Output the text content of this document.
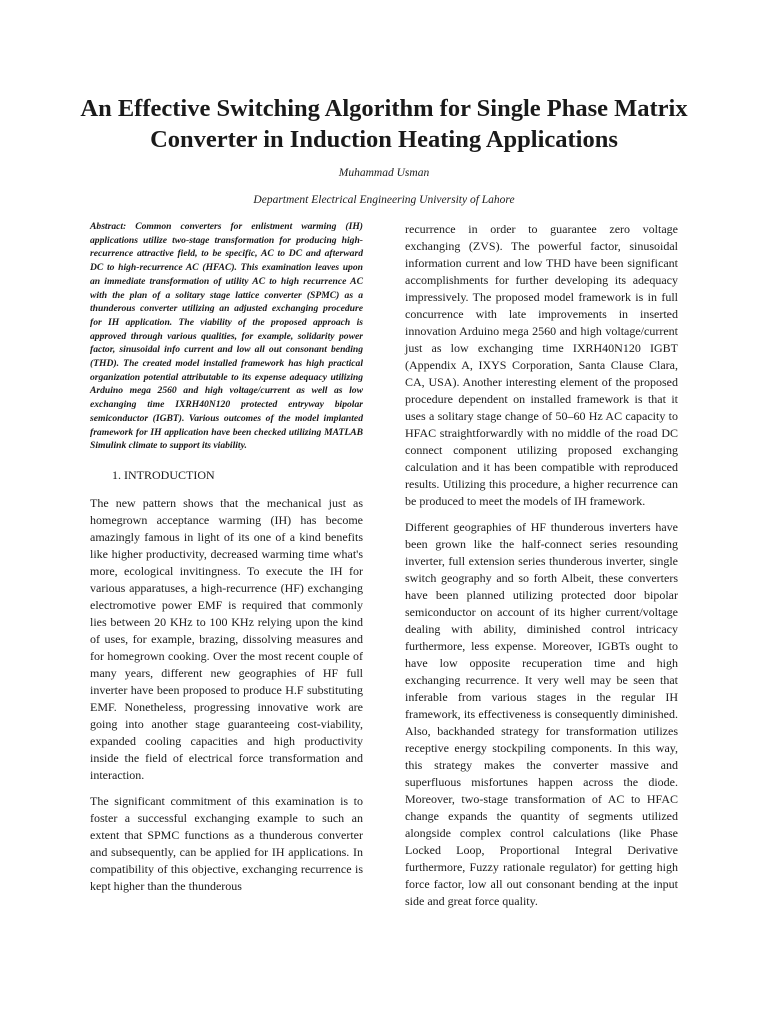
An Effective Switching Algorithm for Single Phase Matrix Converter in Induction Heating Applications
Muhammad Usman
Department Electrical Engineering University of Lahore

Abstract: Common converters for enlistment warming (IH) applications utilize two-stage transformation for producing high-recurrence attractive field, to be specific, AC to DC and afterward DC to high-recurrence AC (HFAC). This examination leaves upon an immediate transformation of utility AC to high recurrence AC with the plan of a solitary stage lattice converter (SPMC) as a thunderous converter utilizing an adjusted exchanging procedure for IH application. The viability of the proposed approach is approved through various qualities, for example, solidarity power factor, sinusoidal info current and low all out consonant bending (THD). The created model installed framework has high practical organization potential attributable to its expense adequacy utilizing Arduino mega 2560 and high voltage/current as well as low exchanging time IXRH40N120 protected entryway bipolar semiconductor (IGBT). Various outcomes of the model implanted framework for IH application have been checked utilizing MATLAB Simulink climate to support its viability.

1. INTRODUCTION

The new pattern shows that the mechanical just as homegrown acceptance warming (IH) has become amazingly famous in light of its one of a kind benefits like higher productivity, decreased warming time what's more, ecological invitingness. To execute the IH for various apparatuses, a high-recurrence (HF) exchanging electromotive power EMF is required that commonly lies between 20 KHz to 100 KHz relying upon the kind of uses, for example, brazing, dissolving measures and for homegrown cooking. Over the most recent couple of many years, different new geographies of HF full inverter have been proposed to produce H.F substituting EMF. Nonetheless, progressing innovative work are going into another stage guaranteeing cost-viability, expanded cooling capacities and high productivity inside the field of electrical force transformation and interaction.

The significant commitment of this examination is to foster a successful exchanging example to such an extent that SPMC functions as a thunderous converter and subsequently, can be applied for IH applications. In compatibility of this objective, exchanging recurrence is kept higher than the thunderous

recurrence in order to guarantee zero voltage exchanging (ZVS). The powerful factor, sinusoidal information current and low THD have been significant accomplishments for further developing its adequacy impressively. The proposed model framework is in full concurrence with late improvements in inserted innovation Arduino mega 2560 and high voltage/current just as low exchanging time IXRH40N120 IGBT (Appendix A, IXYS Corporation, Santa Clause Clara, CA, USA). Another interesting element of the proposed procedure dependent on installed framework is that it uses a solitary stage change of 50–60 Hz AC capacity to HFAC straightforwardly with no middle of the road DC connect component utilizing proposed exchanging calculation and it has been compatible with reproduced results. Utilizing this procedure, a higher recurrence can be produced to meet the models of IH framework.

Different geographies of HF thunderous inverters have been grown like the half-connect series resounding inverter, full extension series thunderous inverter, single switch geography and so forth Albeit, these converters have been planned utilizing protected door bipolar semiconductor on account of its higher current/voltage dealing with ability, diminished control intricacy furthermore, less expense. Moreover, IGBTs ought to have low opposite recuperation time and high exchanging recurrence. It very well may be seen that inferable from various stages in the regular IH framework, its effectiveness is consequently diminished. Also, backhanded strategy for transformation utilizes receptive energy stockpiling components. In this way, this strategy makes the converter massive and superfluous misfortunes happen across the diode. Moreover, two-stage transformation of AC to HFAC change expands the quantity of segments utilized alongside complex control calculations (like Phase Locked Loop, Proportional Integral Derivative furthermore, Fuzzy rationale regulator) for getting high force factor, low all out consonant bending at the input side and great force quality.
